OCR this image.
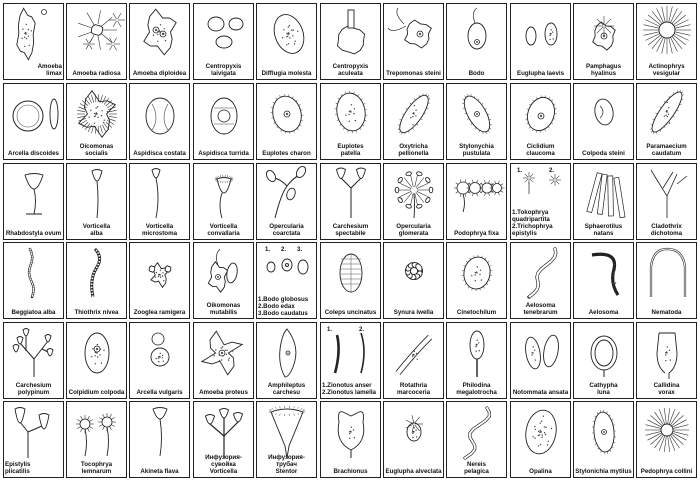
Amoeba
limax	Amoeba radiosa	Amoeba diploidea
Centropyxis laivigata	Difflugia molesta
Centropyxis aculeata	Trepomonas steini	Bodo	Euglupha laevis
Pamphagus hyalinus
Actinophrys vesigular
Arcella discoides
Oicomonas socialis	Aspidisca costata	Aspidisca turrida	Euplotes charon
Euplotes
patella
Oxytricha pellionella
Stylonychia pustulata
Ciclidium claucoma	Colpoda steini
Paramaecium
caudatum
Rhabdostyla ovum
Vorticella
alba
Vorticella
microstoma
Vorticella convallaria
Opercularia coarctata
Carchesium spectabile
Opercularia glomerata	Podophrya fixa
1.	2.
1.Tokophrya quadripartita
2.Trichophrya epistylis
Sphaerotilus natans
Cladothrix dichotoma
Beggiatoa alba	Thiothrix nivea	Zooglea ramigera
Oikomonas mutabilis
1. 2. 3.
1.Bodo globosus
2.Bodo edax
3.Bodo caudatus	Coleps uncinatus	Synura iwella	Cinetochilum
Aelosoma
tenebrarum	Aelosoma	Nematoda
Carchesium
polypinum	Colpidium colpoda	Arcella vulgaris	Amoeba proteus
Amphileptus carchesu
1.	2.
1.Zionotus anser
2.Zionotus lamella
Rotathria
marcoceria
Philodina
megalotrocha	Notommata ansata
Cathypha
luna
Callidina
vorax
Epistylis
plicatilis
Tocophrya lemnarum	Akineta flava
Инфузория-сувойка
Vorticella
Инфузория-трубач
Stentor	Brachionus	Euglupha alveclata
Nereis
pelagica	Opalina	Stylonichia mytilus	Pedophrya collini
